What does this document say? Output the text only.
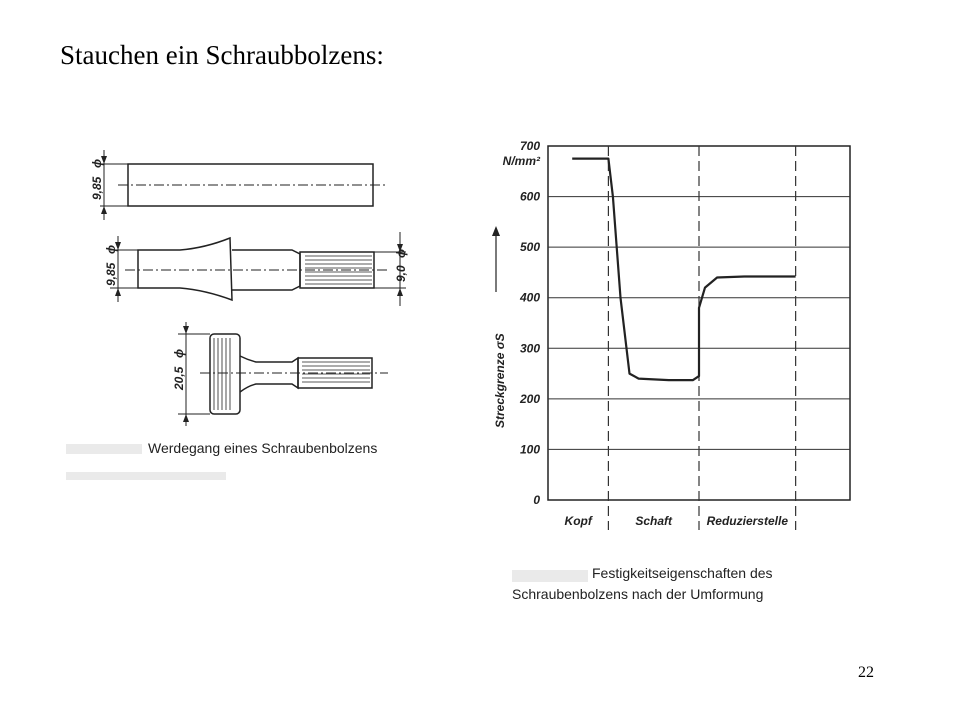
Stauchen ein Schraubbolzens:
9,85
ϕ
9,85
ϕ
9,0
ϕ
20,5
ϕ
Werdegang eines Schraubenbolzens
0
100
200
300
400
500
600
700
N/mm²
Kopf	Schaft	Reduzierstelle
Streckgrenze σS
Festigkeitseigenschaften des
Schraubenbolzens nach der Umformung
22
